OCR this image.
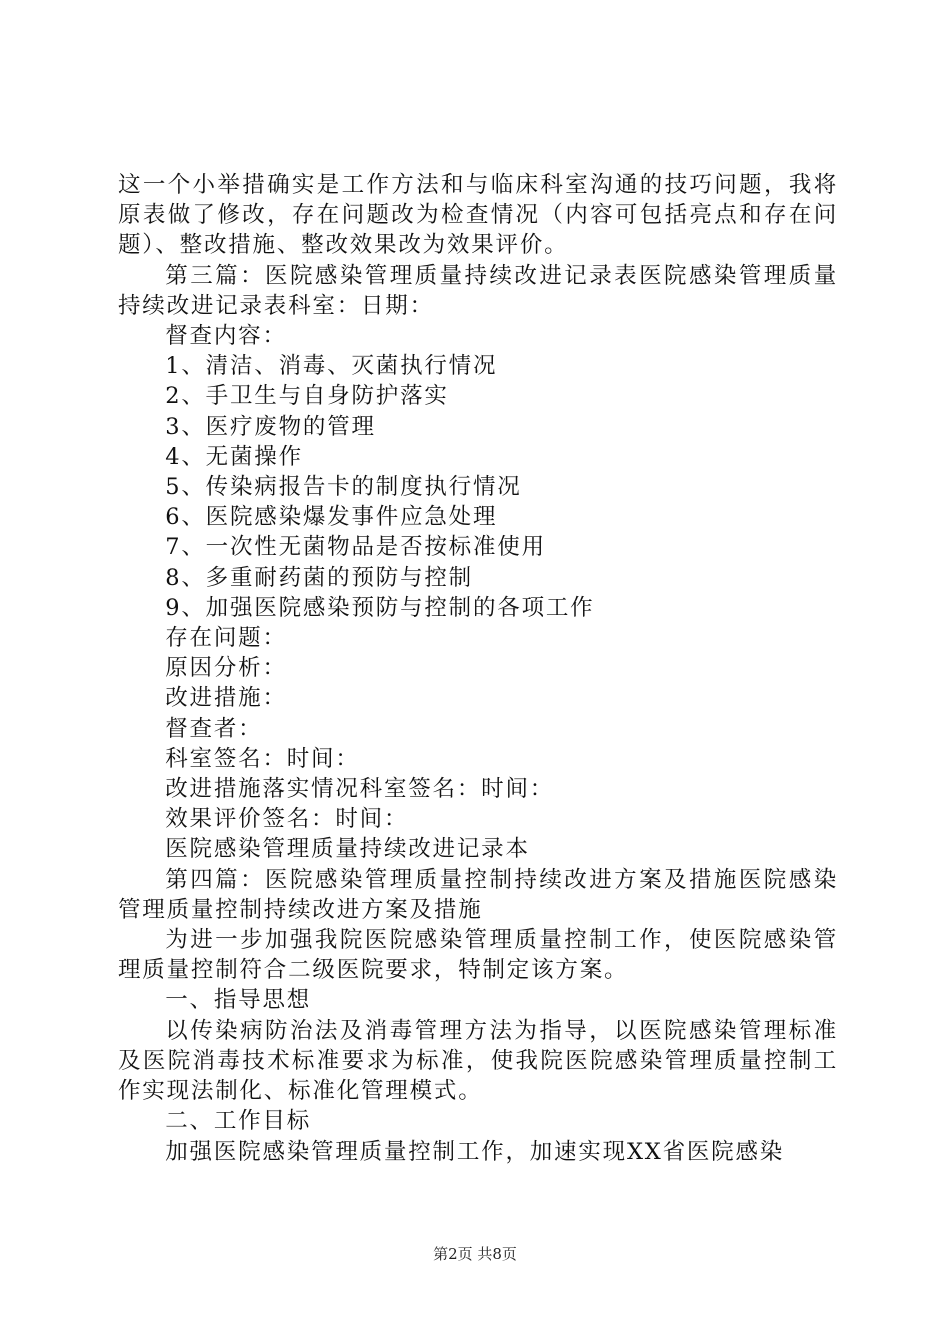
这一个小举措确实是工作方法和与临床科室沟通的技巧问题，我将原表做了修改，存在问题改为检查情况（内容可包括亮点和存在问题）、整改措施、整改效果改为效果评价。

第三篇：医院感染管理质量持续改进记录表医院感染管理质量持续改进记录表科室：日期：

督查内容：

1、清洁、消毒、灭菌执行情况

2、手卫生与自身防护落实

3、医疗废物的管理

4、无菌操作

5、传染病报告卡的制度执行情况

6、医院感染爆发事件应急处理

7、一次性无菌物品是否按标准使用

8、多重耐药菌的预防与控制

9、加强医院感染预防与控制的各项工作

存在问题：

原因分析：

改进措施：

督查者：

科室签名：时间：

改进措施落实情况科室签名：时间：

效果评价签名：时间：

医院感染管理质量持续改进记录本

第四篇：医院感染管理质量控制持续改进方案及措施医院感染管理质量控制持续改进方案及措施

为进一步加强我院医院感染管理质量控制工作，使医院感染管理质量控制符合二级医院要求，特制定该方案。

一、指导思想

以传染病防治法及消毒管理方法为指导，以医院感染管理标准及医院消毒技术标准要求为标准，使我院医院感染管理质量控制工作实现法制化、标准化管理模式。

二、工作目标

加强医院感染管理质量控制工作，加速实现XX省医院感染

第2页 共8页
